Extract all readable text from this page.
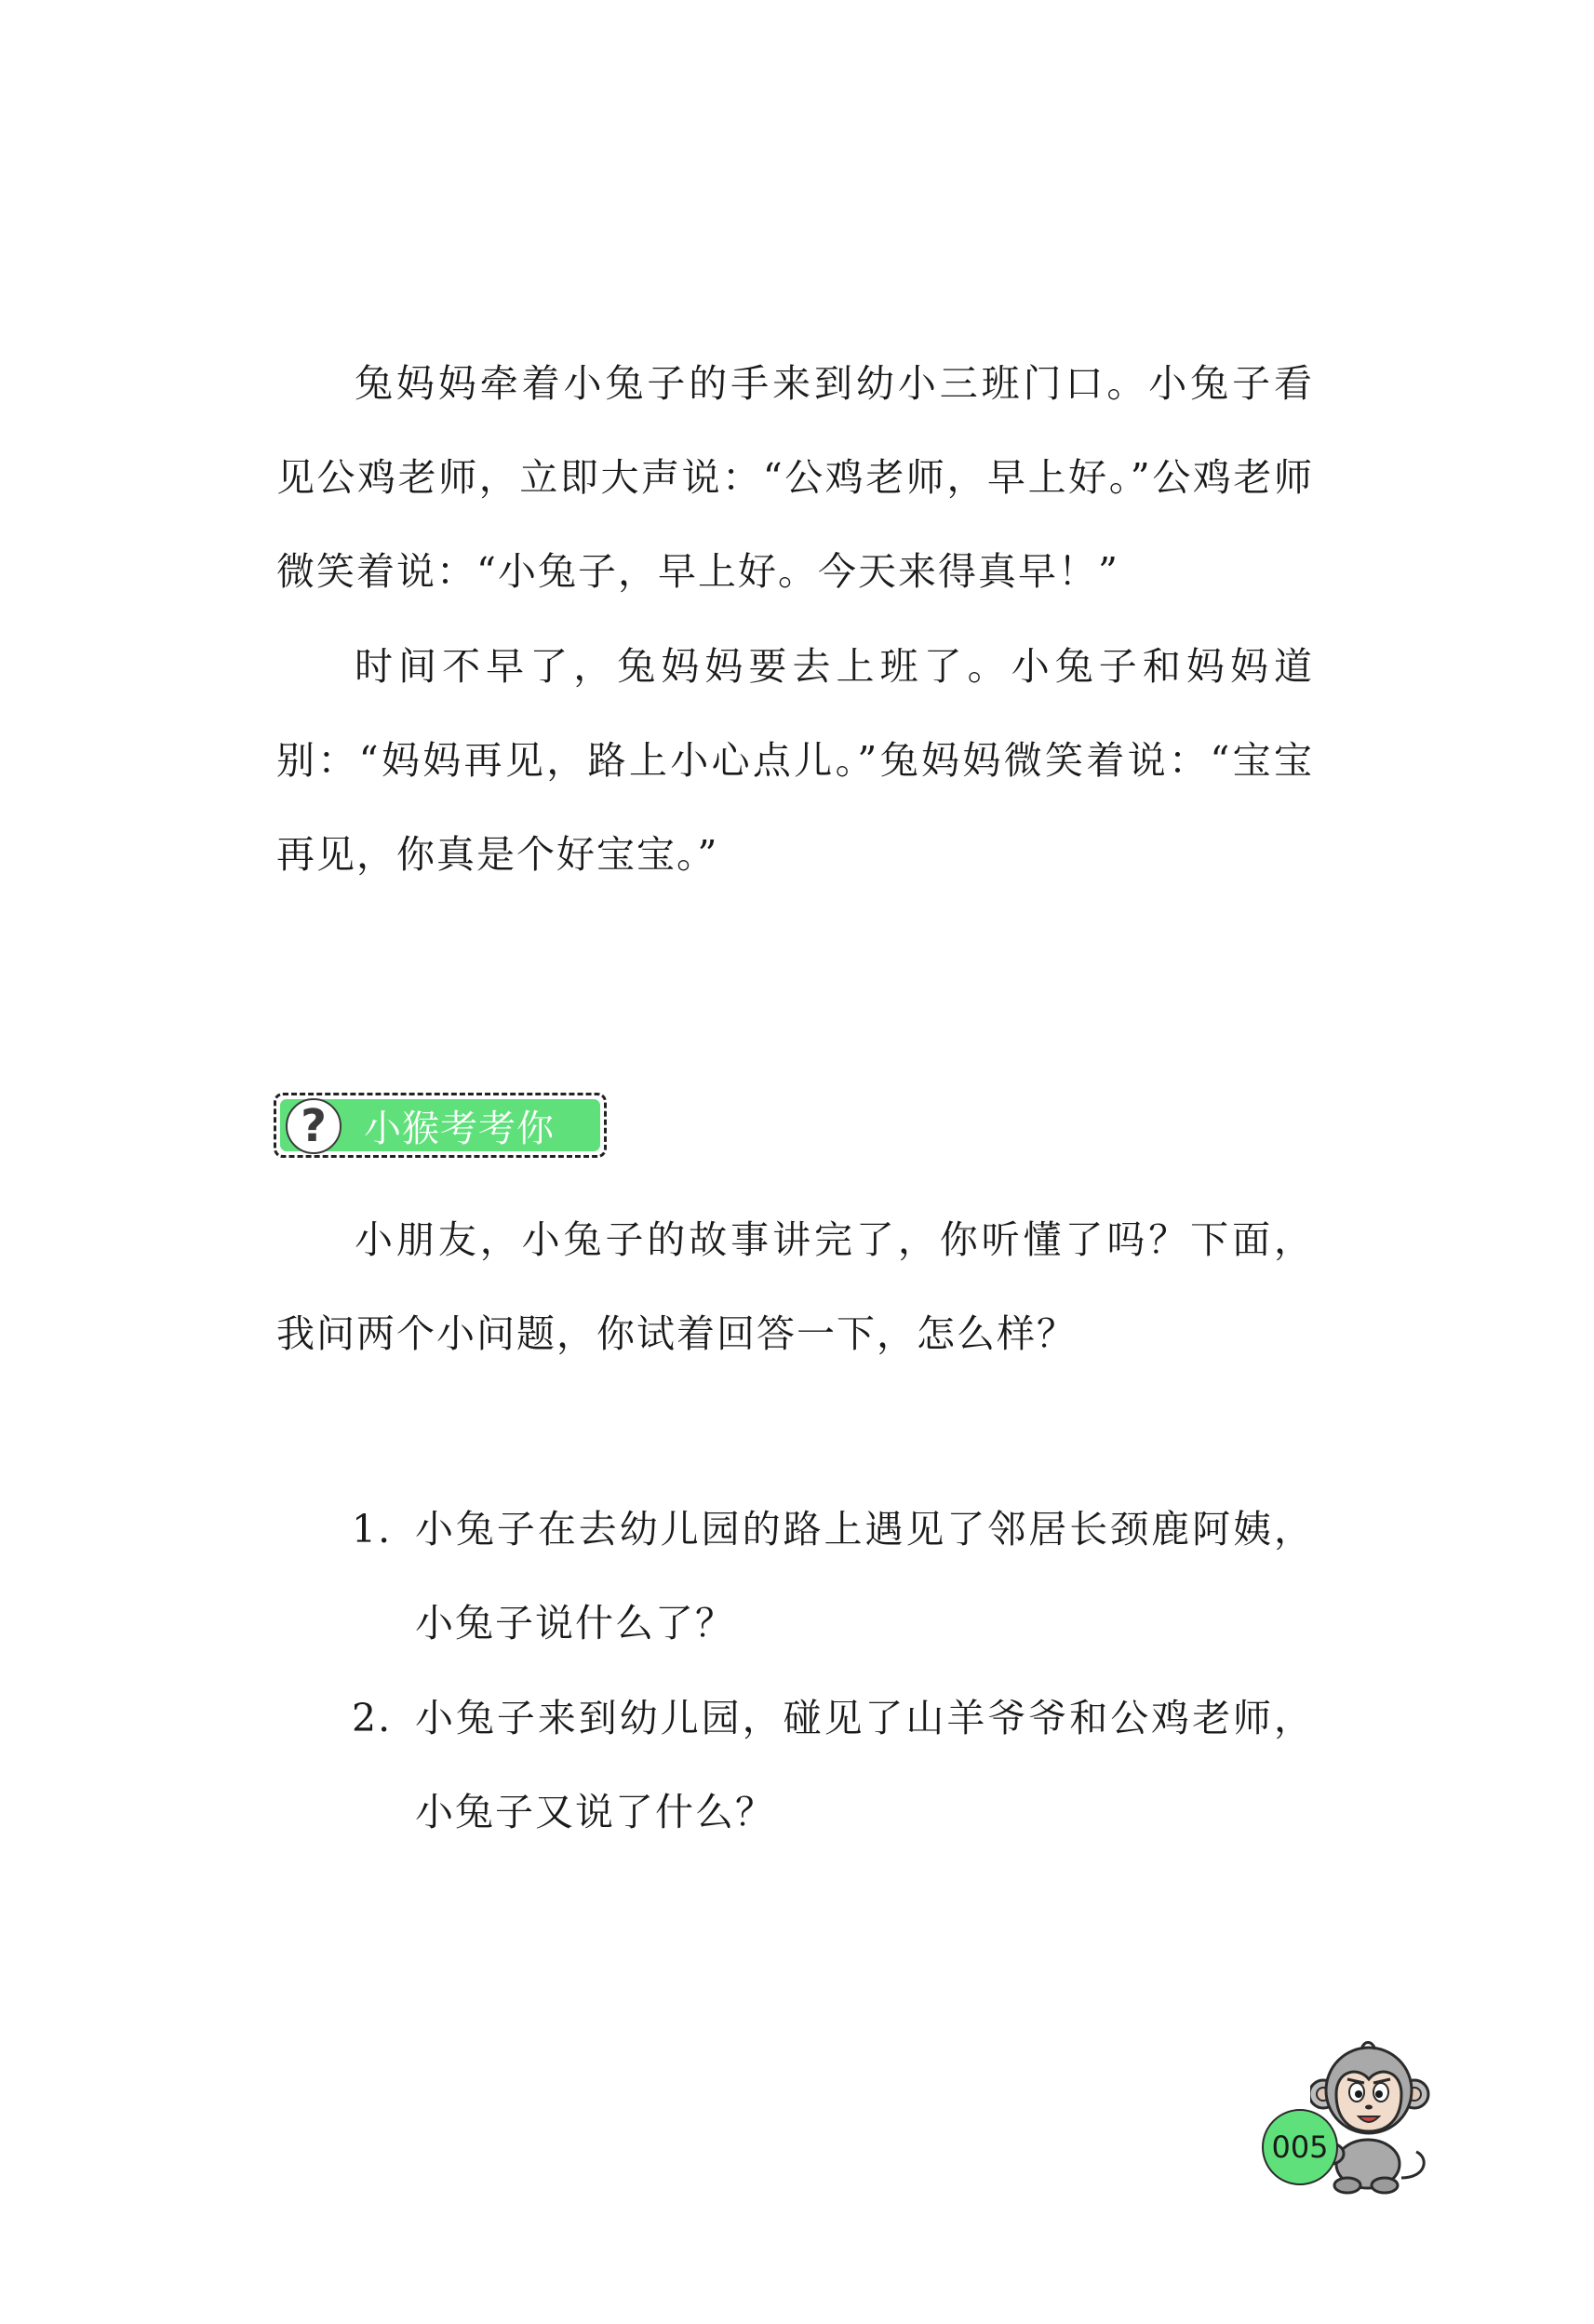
兔妈妈牵着小兔子的手来到幼小三班门口。小兔子看见公鸡老师，立即大声说：“公鸡老师，早上好。”公鸡老师微笑着说：“小兔子，早上好。今天来得真早！”

时间不早了，兔妈妈要去上班了。小兔子和妈妈道别：“妈妈再见，路上小心点儿。”兔妈妈微笑着说：“宝宝再见，你真是个好宝宝。”

?	小猴考考你

小朋友，小兔子的故事讲完了，你听懂了吗？下面，我问两个小问题，你试着回答一下，怎么样？

1. 小兔子在去幼儿园的路上遇见了邻居长颈鹿阿姨，小兔子说什么了？
2. 小兔子来到幼儿园，碰见了山羊爷爷和公鸡老师，小兔子又说了什么？
005
